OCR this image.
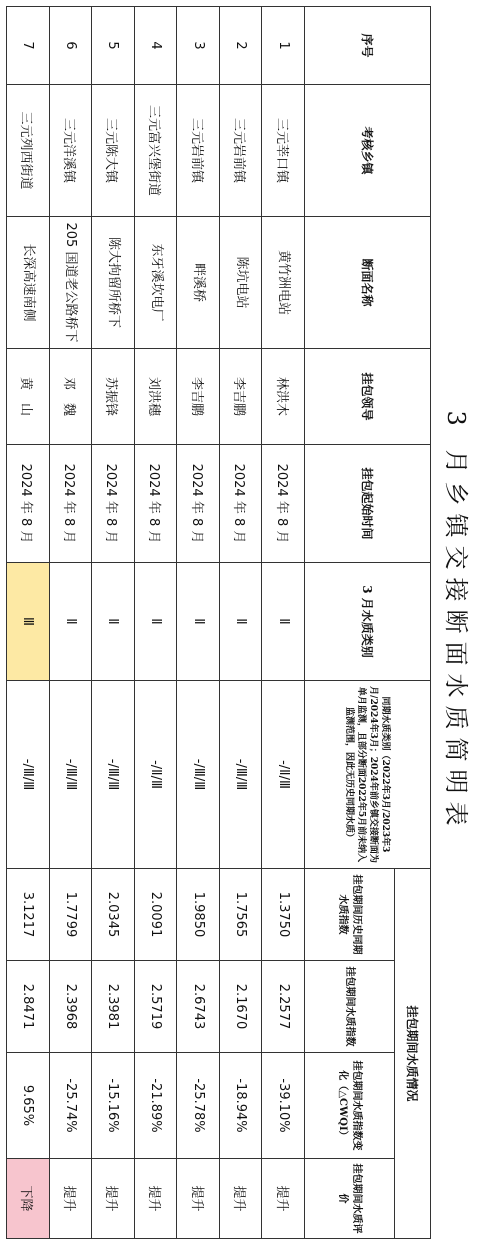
3 月乡镇交接断面水质简明表
序号	考核乡镇	断面名称	挂包领导	挂包起始时间	3 月水质类别	同期水质类别（2022年3月/2023年3月/2024年3月；2024年前乡镇交接断面为单月监测，且部分断面2022年5月前未纳入监测范围，因此无历史同期水质）	挂包期间水质情况			
							挂包期间历史同期水质指数	挂包期间水质指数	挂包期间水质指数变化（△CWQI）	挂包期间水质评价
1	三元莘口镇	黄竹洲电站	林洪木	2024 年 8 月	Ⅱ	-/Ⅱ/Ⅲ	1.3750	2.2577	-39.10%	提升
2	三元岩前镇	陈坑电站	李吉鹏	2024 年 8 月	Ⅱ	-/Ⅲ/Ⅲ	1.7565	2.1670	-18.94%	提升
3	三元岩前镇	畔溪桥	李吉鹏	2024 年 8 月	Ⅱ	-/Ⅲ/Ⅲ	1.9850	2.6743	-25.78%	提升
4	三元富兴堡街道	东牙溪坎电厂	刘洪穗	2024 年 8 月	Ⅱ	-/Ⅱ/Ⅲ	2.0091	2.5719	-21.89%	提升
5	三元陈大镇	陈大拘留所桥下	苏振锋	2024 年 8 月	Ⅱ	-/Ⅲ/Ⅲ	2.0345	2.3981	-15.16%	提升
6	三元洋溪镇	205 国道老公路桥下	邓　魏	2024 年 8 月	Ⅱ	-/Ⅲ/Ⅲ	1.7799	2.3968	-25.74%	提升
7	三元列西街道	长深高速南侧	黄　山	2024 年 8 月	Ⅲ	-/Ⅲ/Ⅲ	3.1217	2.8471	9.65%	下降
